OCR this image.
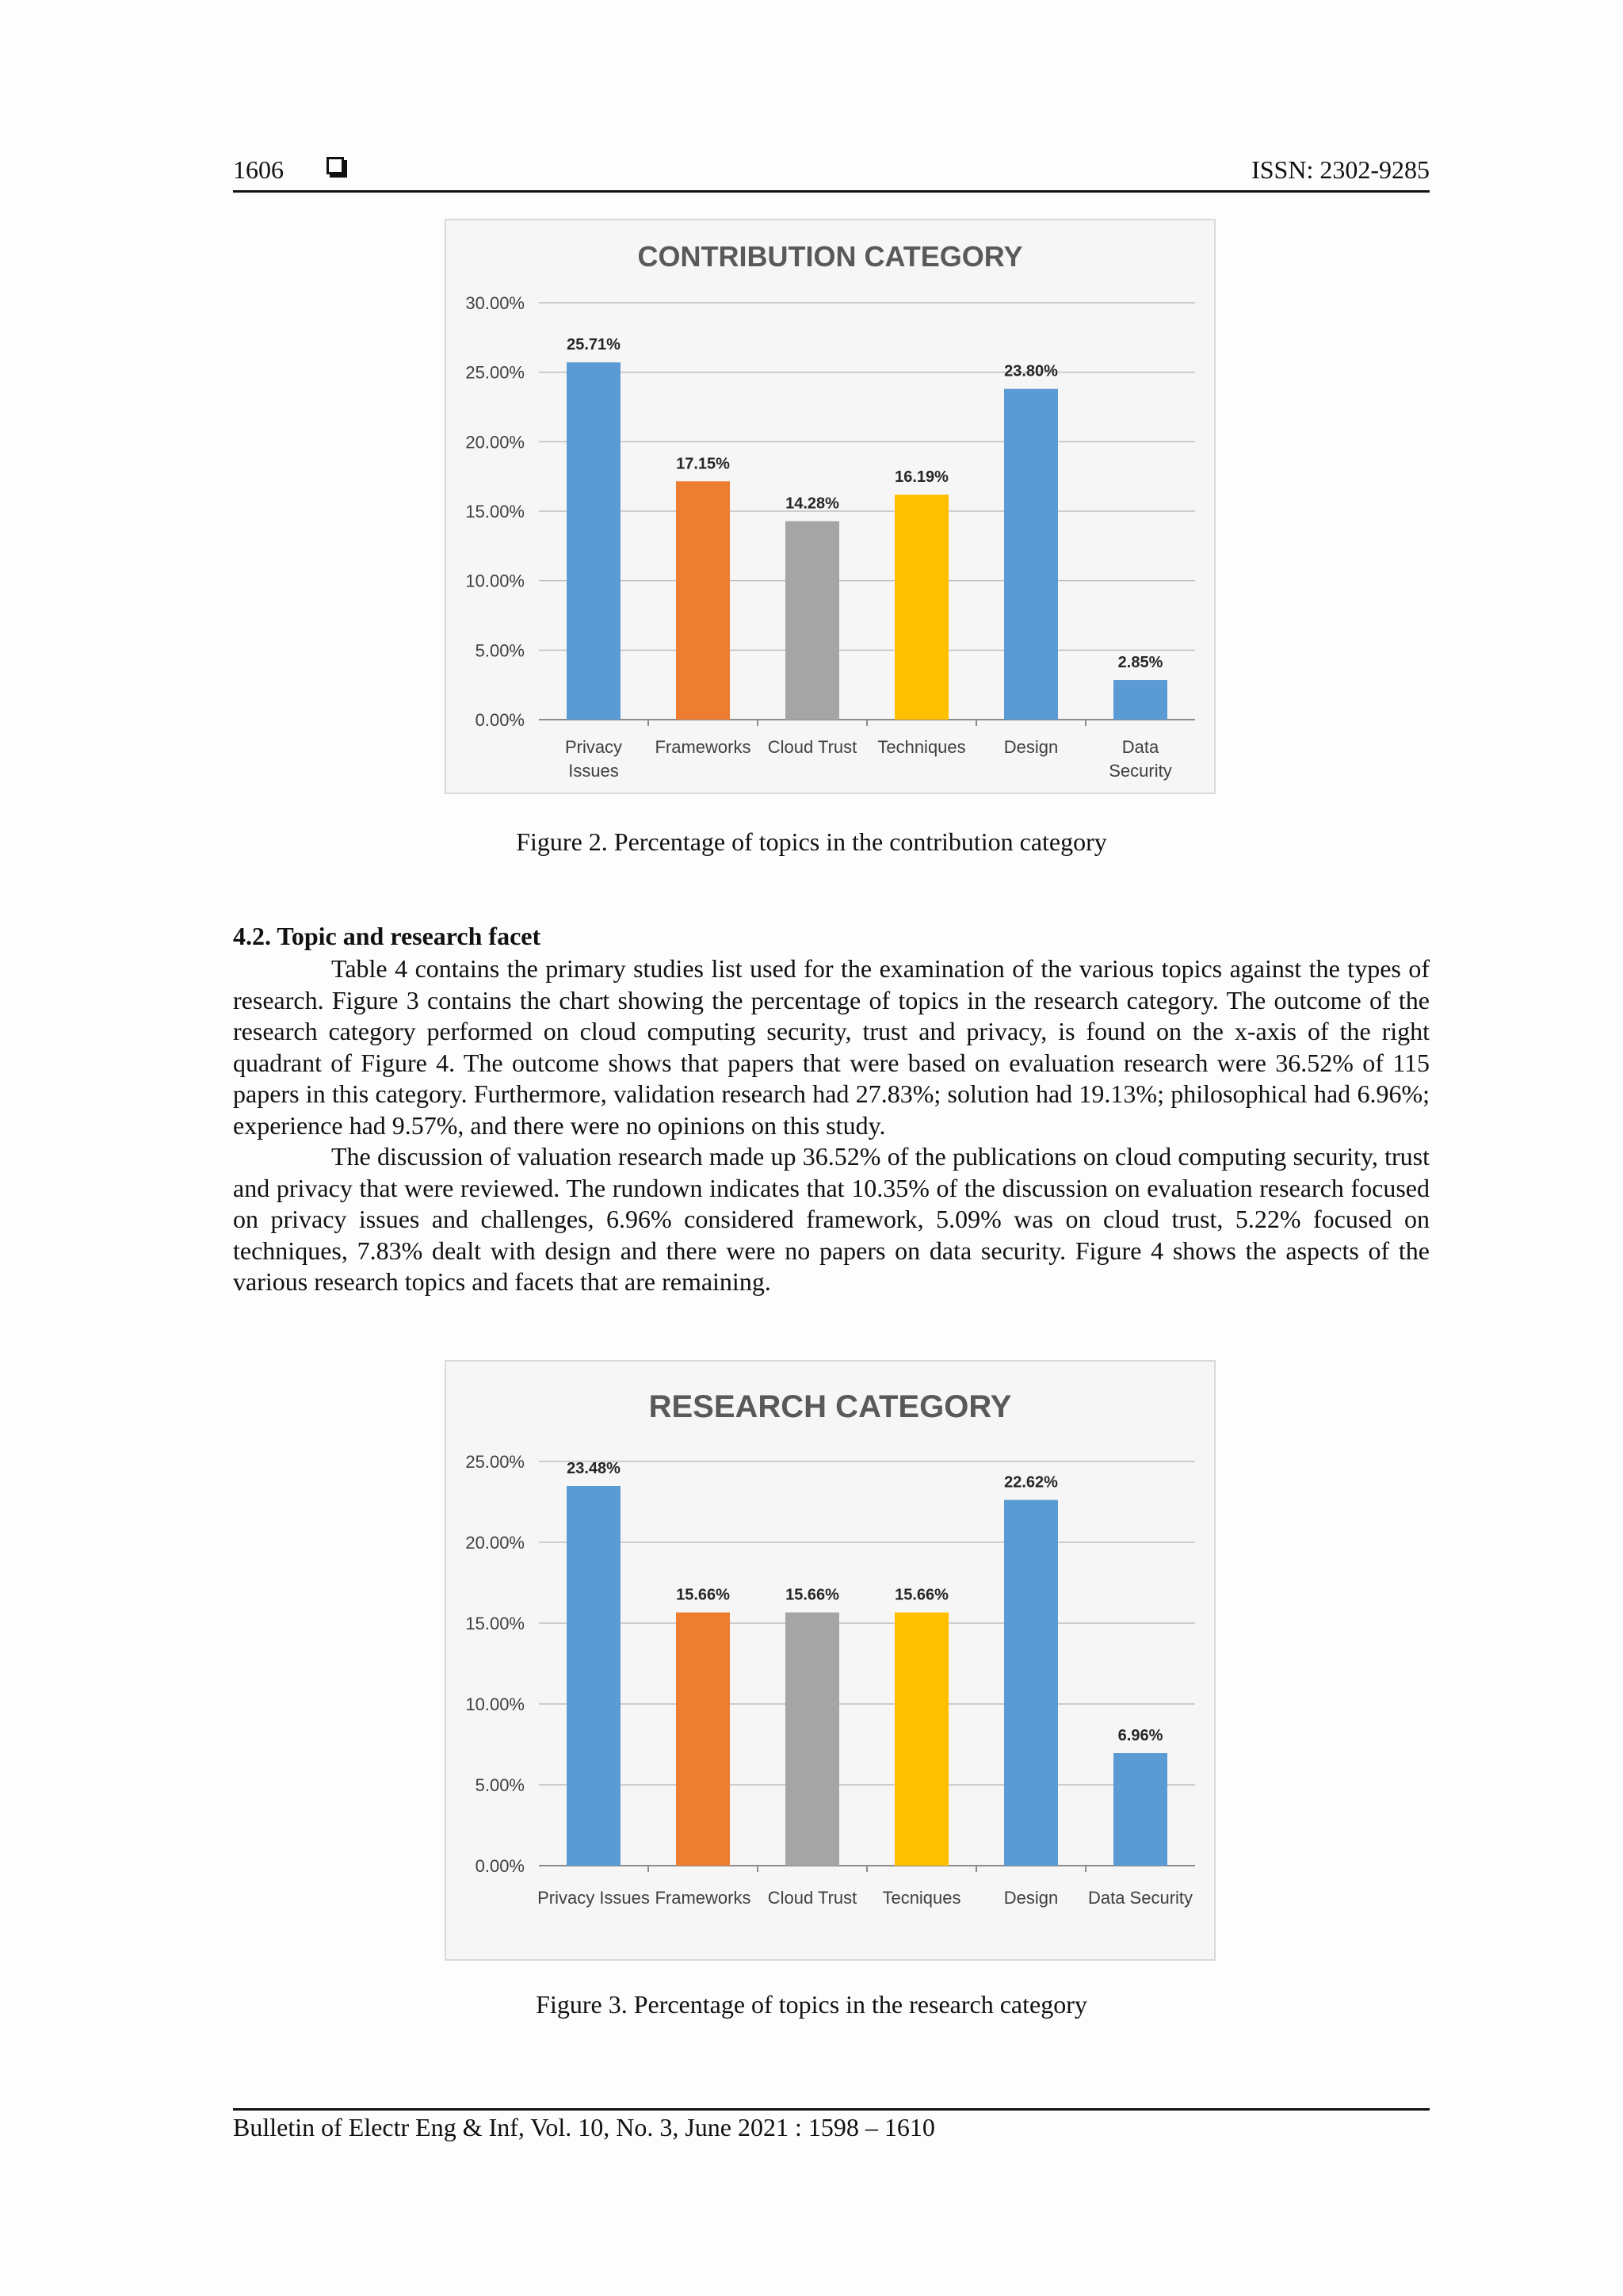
1606	ISSN: 2302-9285
CONTRIBUTION CATEGORY
0.00%
5.00%
10.00%
15.00%
20.00%
25.00%
30.00%
25.71%
Privacy
Issues
17.15%
Frameworks
14.28%
Cloud Trust
16.19%
Techniques
23.80%
Design
2.85%
Data
Security
Figure 2. Percentage of topics in the contribution category
4.2. Topic and research facet

Table 4 contains the primary studies list used for the examination of the various topics against the types of research. Figure 3 contains the chart showing the percentage of topics in the research category. The outcome of the research category performed on cloud computing security, trust and privacy, is found on the x-axis of the right quadrant of Figure 4. The outcome shows that papers that were based on evaluation research were 36.52% of 115 papers in this category. Furthermore, validation research had 27.83%; solution had 19.13%; philosophical had 6.96%; experience had 9.57%, and there were no opinions on this study.

The discussion of valuation research made up 36.52% of the publications on cloud computing security, trust and privacy that were reviewed. The rundown indicates that 10.35% of the discussion on evaluation research focused on privacy issues and challenges, 6.96% considered framework, 5.09% was on cloud trust, 5.22% focused on techniques, 7.83% dealt with design and there were no papers on data security. Figure 4 shows the aspects of the various research topics and facets that are remaining.

RESEARCH CATEGORY
0.00%
5.00%
10.00%
15.00%
20.00%
25.00%	23.48%
Privacy Issues
15.66%
Frameworks
15.66%
Cloud Trust
15.66%
Tecniques
22.62%
Design
6.96%
Data Security
Figure 3. Percentage of topics in the research category
Bulletin of Electr Eng & Inf, Vol. 10, No. 3, June 2021 : 1598 – 1610
